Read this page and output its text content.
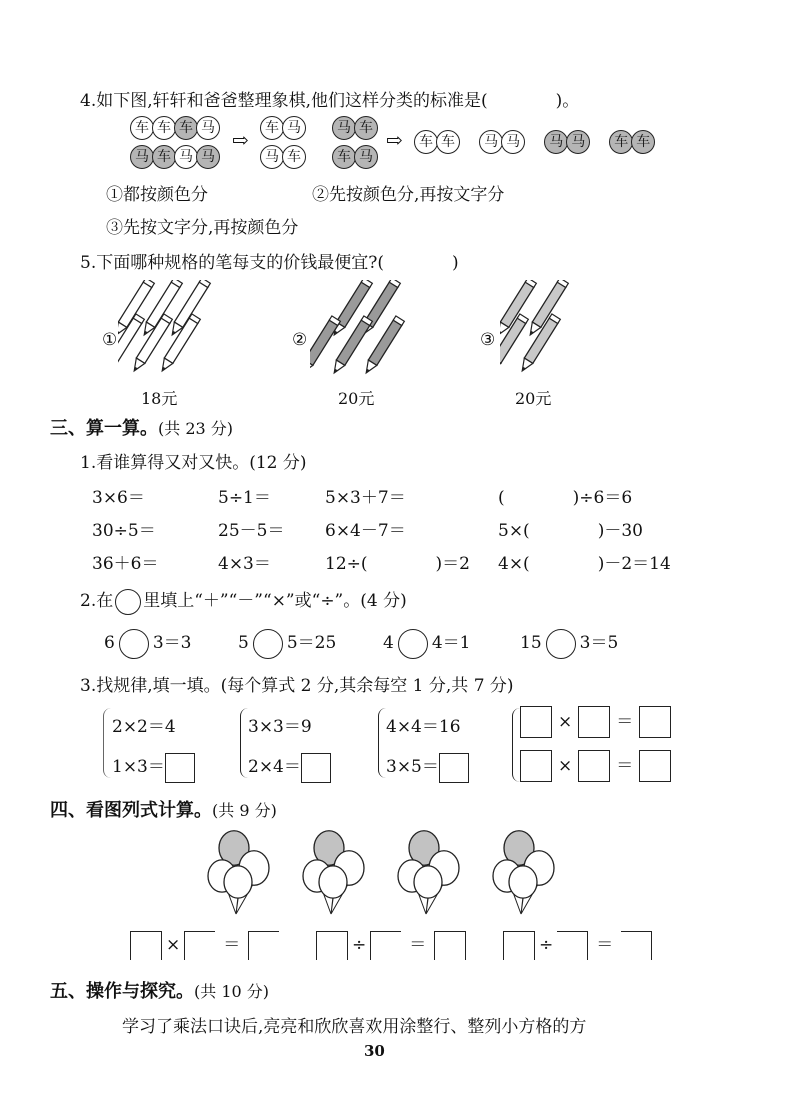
4.如下图,轩轩和爸爸整理象棋,他们这样分类的标准是(　　　　)。
车 车 车 马
马 车 马 马
⇨	车 马
马 车
马 车
车 马
⇨	车 车 马 马 马 马 车 车
①都按颜色分	②先按颜色分,再按文字分
③先按文字分,再按颜色分
5.下面哪种规格的笔每支的价钱最便宜?(　　　　)
①
18元
②
20元
③
20元
三、算一算。(共 23 分)
1.看谁算得又对又快。(12 分)
3×6＝	5÷1＝	5×3＋7＝	(　　　　)÷6＝6
30÷5＝	25－5＝ 6×4－7＝	5×(　　　　)－30
36＋6＝	4×3＝	12÷(　　　　)＝2 4×(　　　　)－2＝14
2.在 里填上“＋”“－”“×”或“÷”。(4 分)
6 3＝3	5 5＝25	4 4＝1	15 3＝5
3.找规律,填一填。(每个算式 2 分,其余每空 1 分,共 7 分)
2×2＝4
1×3＝
3×3＝9
2×4＝
4×4＝16
3×5＝
×	＝
×	＝
四、看图列式计算。(共 9 分)
×	＝	÷	＝	÷	＝
五、操作与探究。(共 10 分)
学习了乘法口诀后,亮亮和欣欣喜欢用涂整行、整列小方格的方
30
